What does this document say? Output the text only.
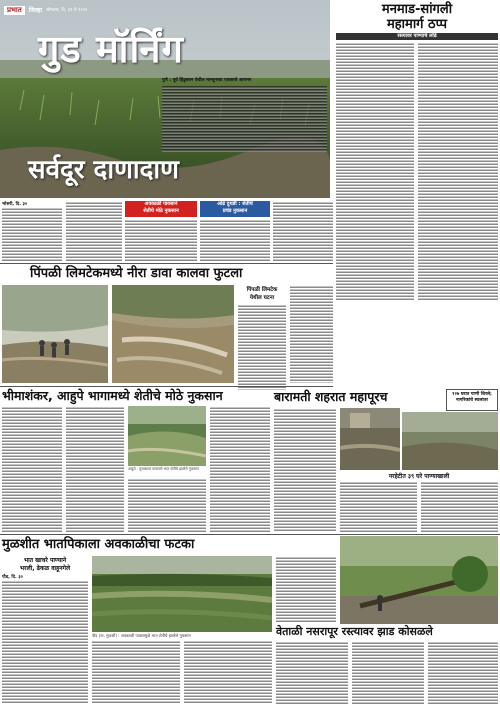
प्रभात	जिल्हा सोमवार, दि. ३१ मे २०२१
गुड मॉर्निंग
पुणे : पूर्व हिंदुस्तान येथील मान्सूनच्या पावसाचे आगमन
सर्वदूर दाणादाण
मनमाड-सांगली
महामार्ग ठप्प
रस्त्यावर पाण्याचे लोंढे
भोसरी, दि. ३०	अवकाळी पावसाने
शेतीचे मोठे नुकसान
ओढे दुथडी : शेतीचे
प्रचंड नुकसान
पिंपळी लिमटेकमध्ये नीरा डावा कालवा फुटला
पिंपळी लिमटेक
येथील घटना
भीमाशंकर, आहुपे भागामध्ये शेतीचे मोठे नुकसान
आहुपे : मुसळधार पावसाने भात शेतीचे झालेले नुकसान
बारामती शहरात महापूरच	१२७ घरात पाणी शिरले; नागरिकांचे स्थलांतर
नरहेटीत ३९ घरे पाण्याखाली
मुळशीत भातपिकाला अवकाळीचा फटका
भात खाचरे पाण्याने
भरली, ढेकळ वाहूनगेले
पौड, दि. ३०
पौड (ता. मुळशी) : अवकाळी पावसामुळे भात शेतीचे झालेले नुकसान	वेताळी नसरापूर रस्त्यावर झाड कोसळले
